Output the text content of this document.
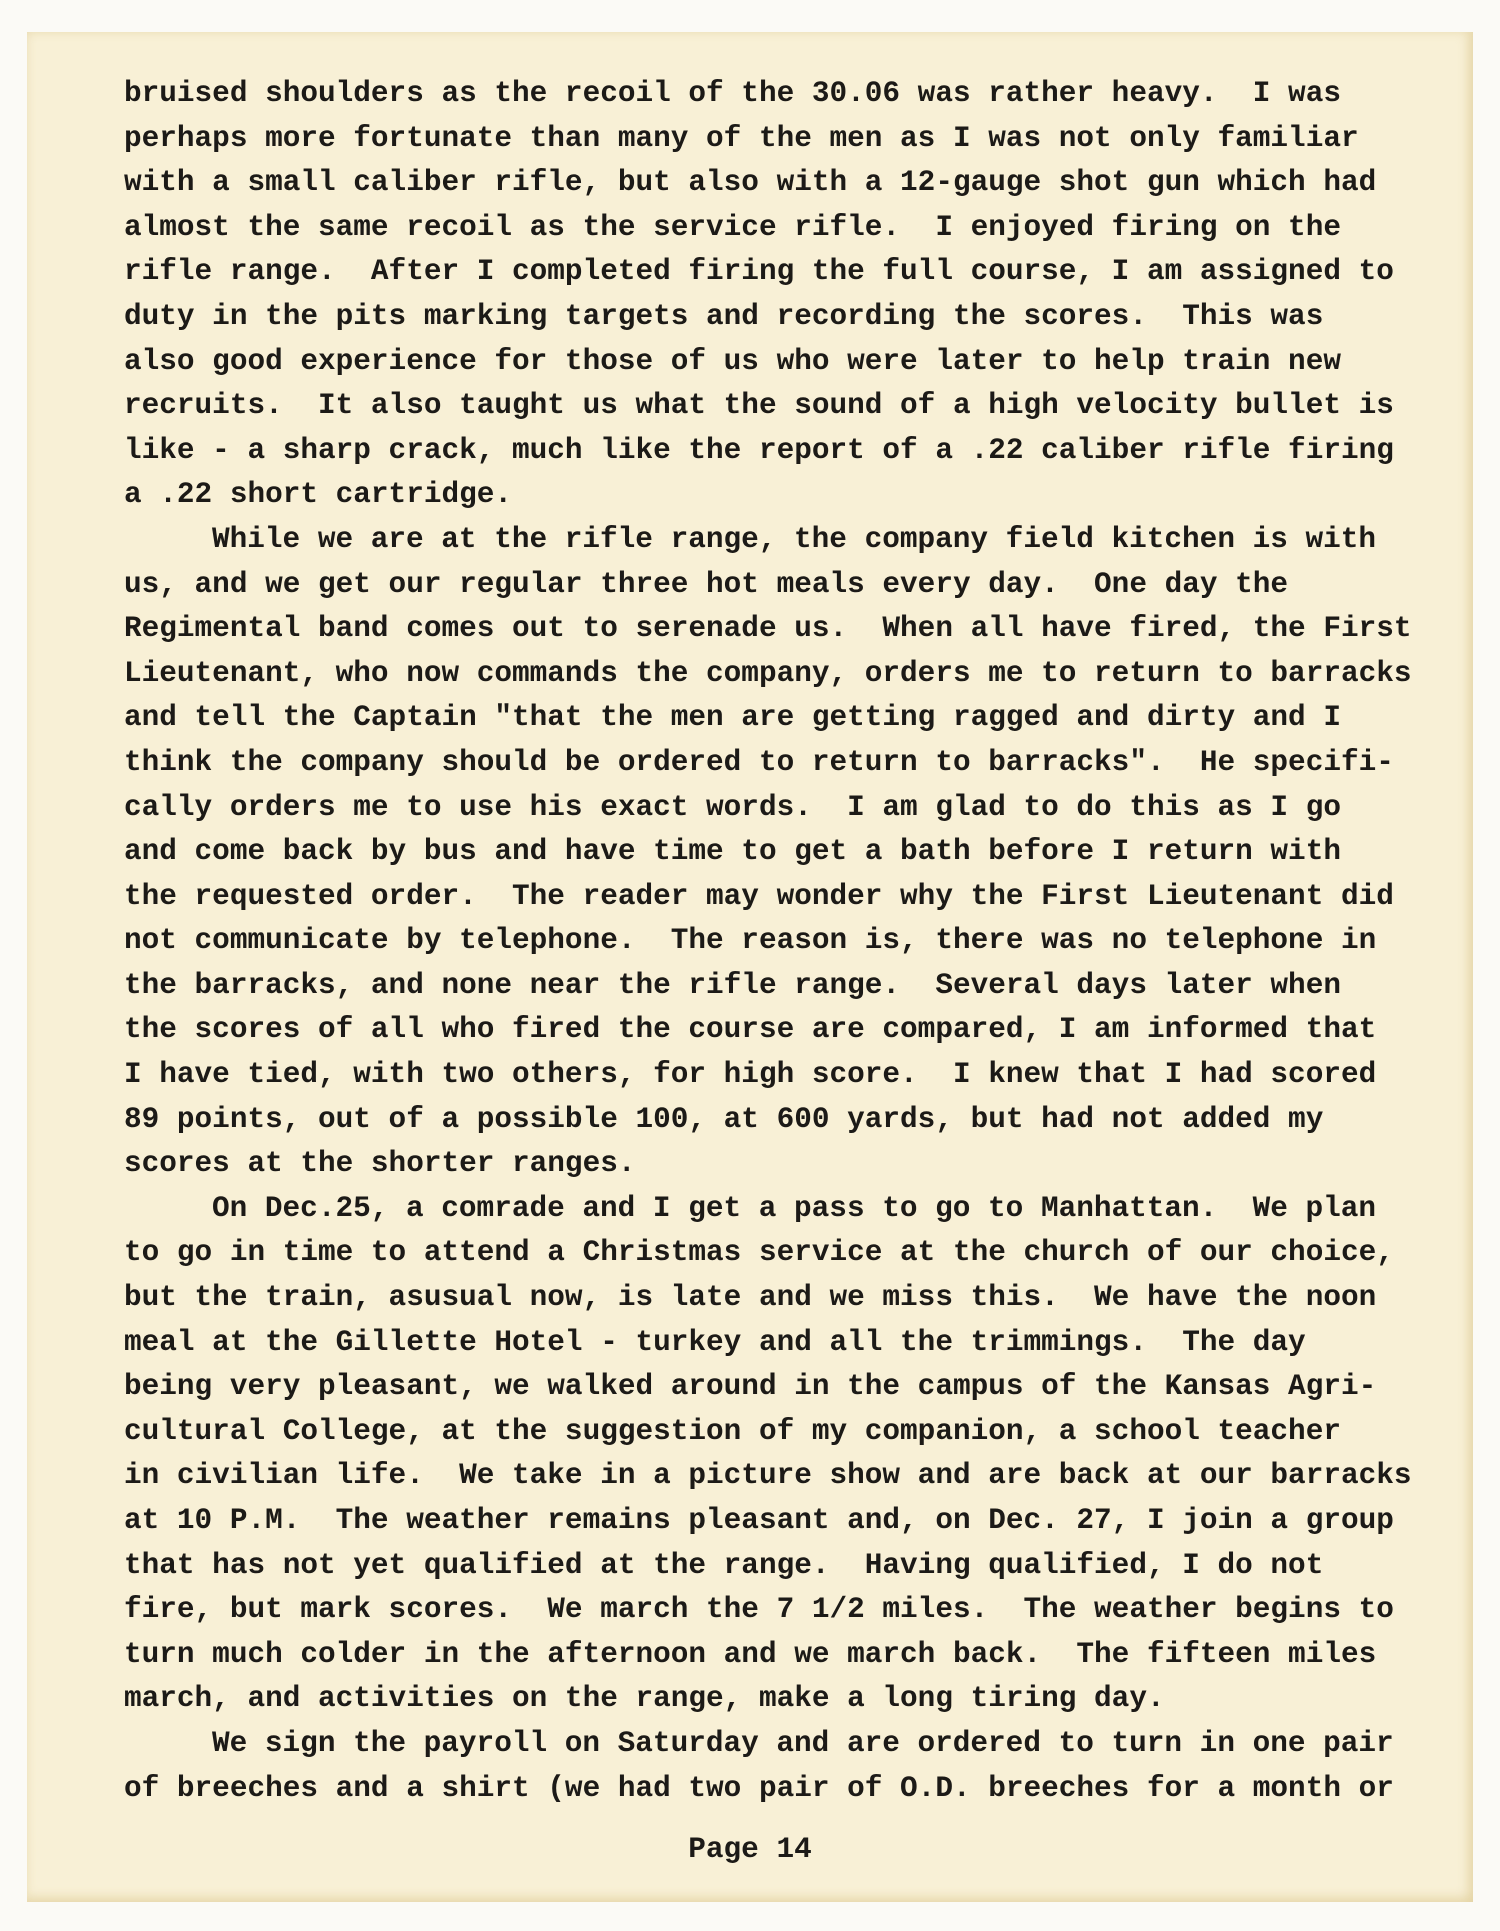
bruised shoulders as the recoil of the 30.06 was rather heavy.  I was
perhaps more fortunate than many of the men as I was not only familiar
with a small caliber rifle, but also with a 12-gauge shot gun which had
almost the same recoil as the service rifle.  I enjoyed firing on the
rifle range.  After I completed firing the full course, I am assigned to
duty in the pits marking targets and recording the scores.  This was
also good experience for those of us who were later to help train new
recruits.  It also taught us what the sound of a high velocity bullet is
like - a sharp crack, much like the report of a .22 caliber rifle firing
a .22 short cartridge.
While we are at the rifle range, the company field kitchen is with
us, and we get our regular three hot meals every day.  One day the
Regimental band comes out to serenade us.  When all have fired, the First
Lieutenant, who now commands the company, orders me to return to barracks
and tell the Captain "that the men are getting ragged and dirty and I
think the company should be ordered to return to barracks".  He specifi-
cally orders me to use his exact words.  I am glad to do this as I go
and come back by bus and have time to get a bath before I return with
the requested order.  The reader may wonder why the First Lieutenant did
not communicate by telephone.  The reason is, there was no telephone in
the barracks, and none near the rifle range.  Several days later when
the scores of all who fired the course are compared, I am informed that
I have tied, with two others, for high score.  I knew that I had scored
89 points, out of a possible 100, at 600 yards, but had not added my
scores at the shorter ranges.
On Dec.25, a comrade and I get a pass to go to Manhattan.  We plan
to go in time to attend a Christmas service at the church of our choice,
but the train, asusual now, is late and we miss this.  We have the noon
meal at the Gillette Hotel - turkey and all the trimmings.  The day
being very pleasant, we walked around in the campus of the Kansas Agri-
cultural College, at the suggestion of my companion, a school teacher
in civilian life.  We take in a picture show and are back at our barracks
at 10 P.M.  The weather remains pleasant and, on Dec. 27, I join a group
that has not yet qualified at the range.  Having qualified, I do not
fire, but mark scores.  We march the 7 1/2 miles.  The weather begins to
turn much colder in the afternoon and we march back.  The fifteen miles
march, and activities on the range, make a long tiring day.
We sign the payroll on Saturday and are ordered to turn in one pair
of breeches and a shirt (we had two pair of O.D. breeches for a month or
Page 14
